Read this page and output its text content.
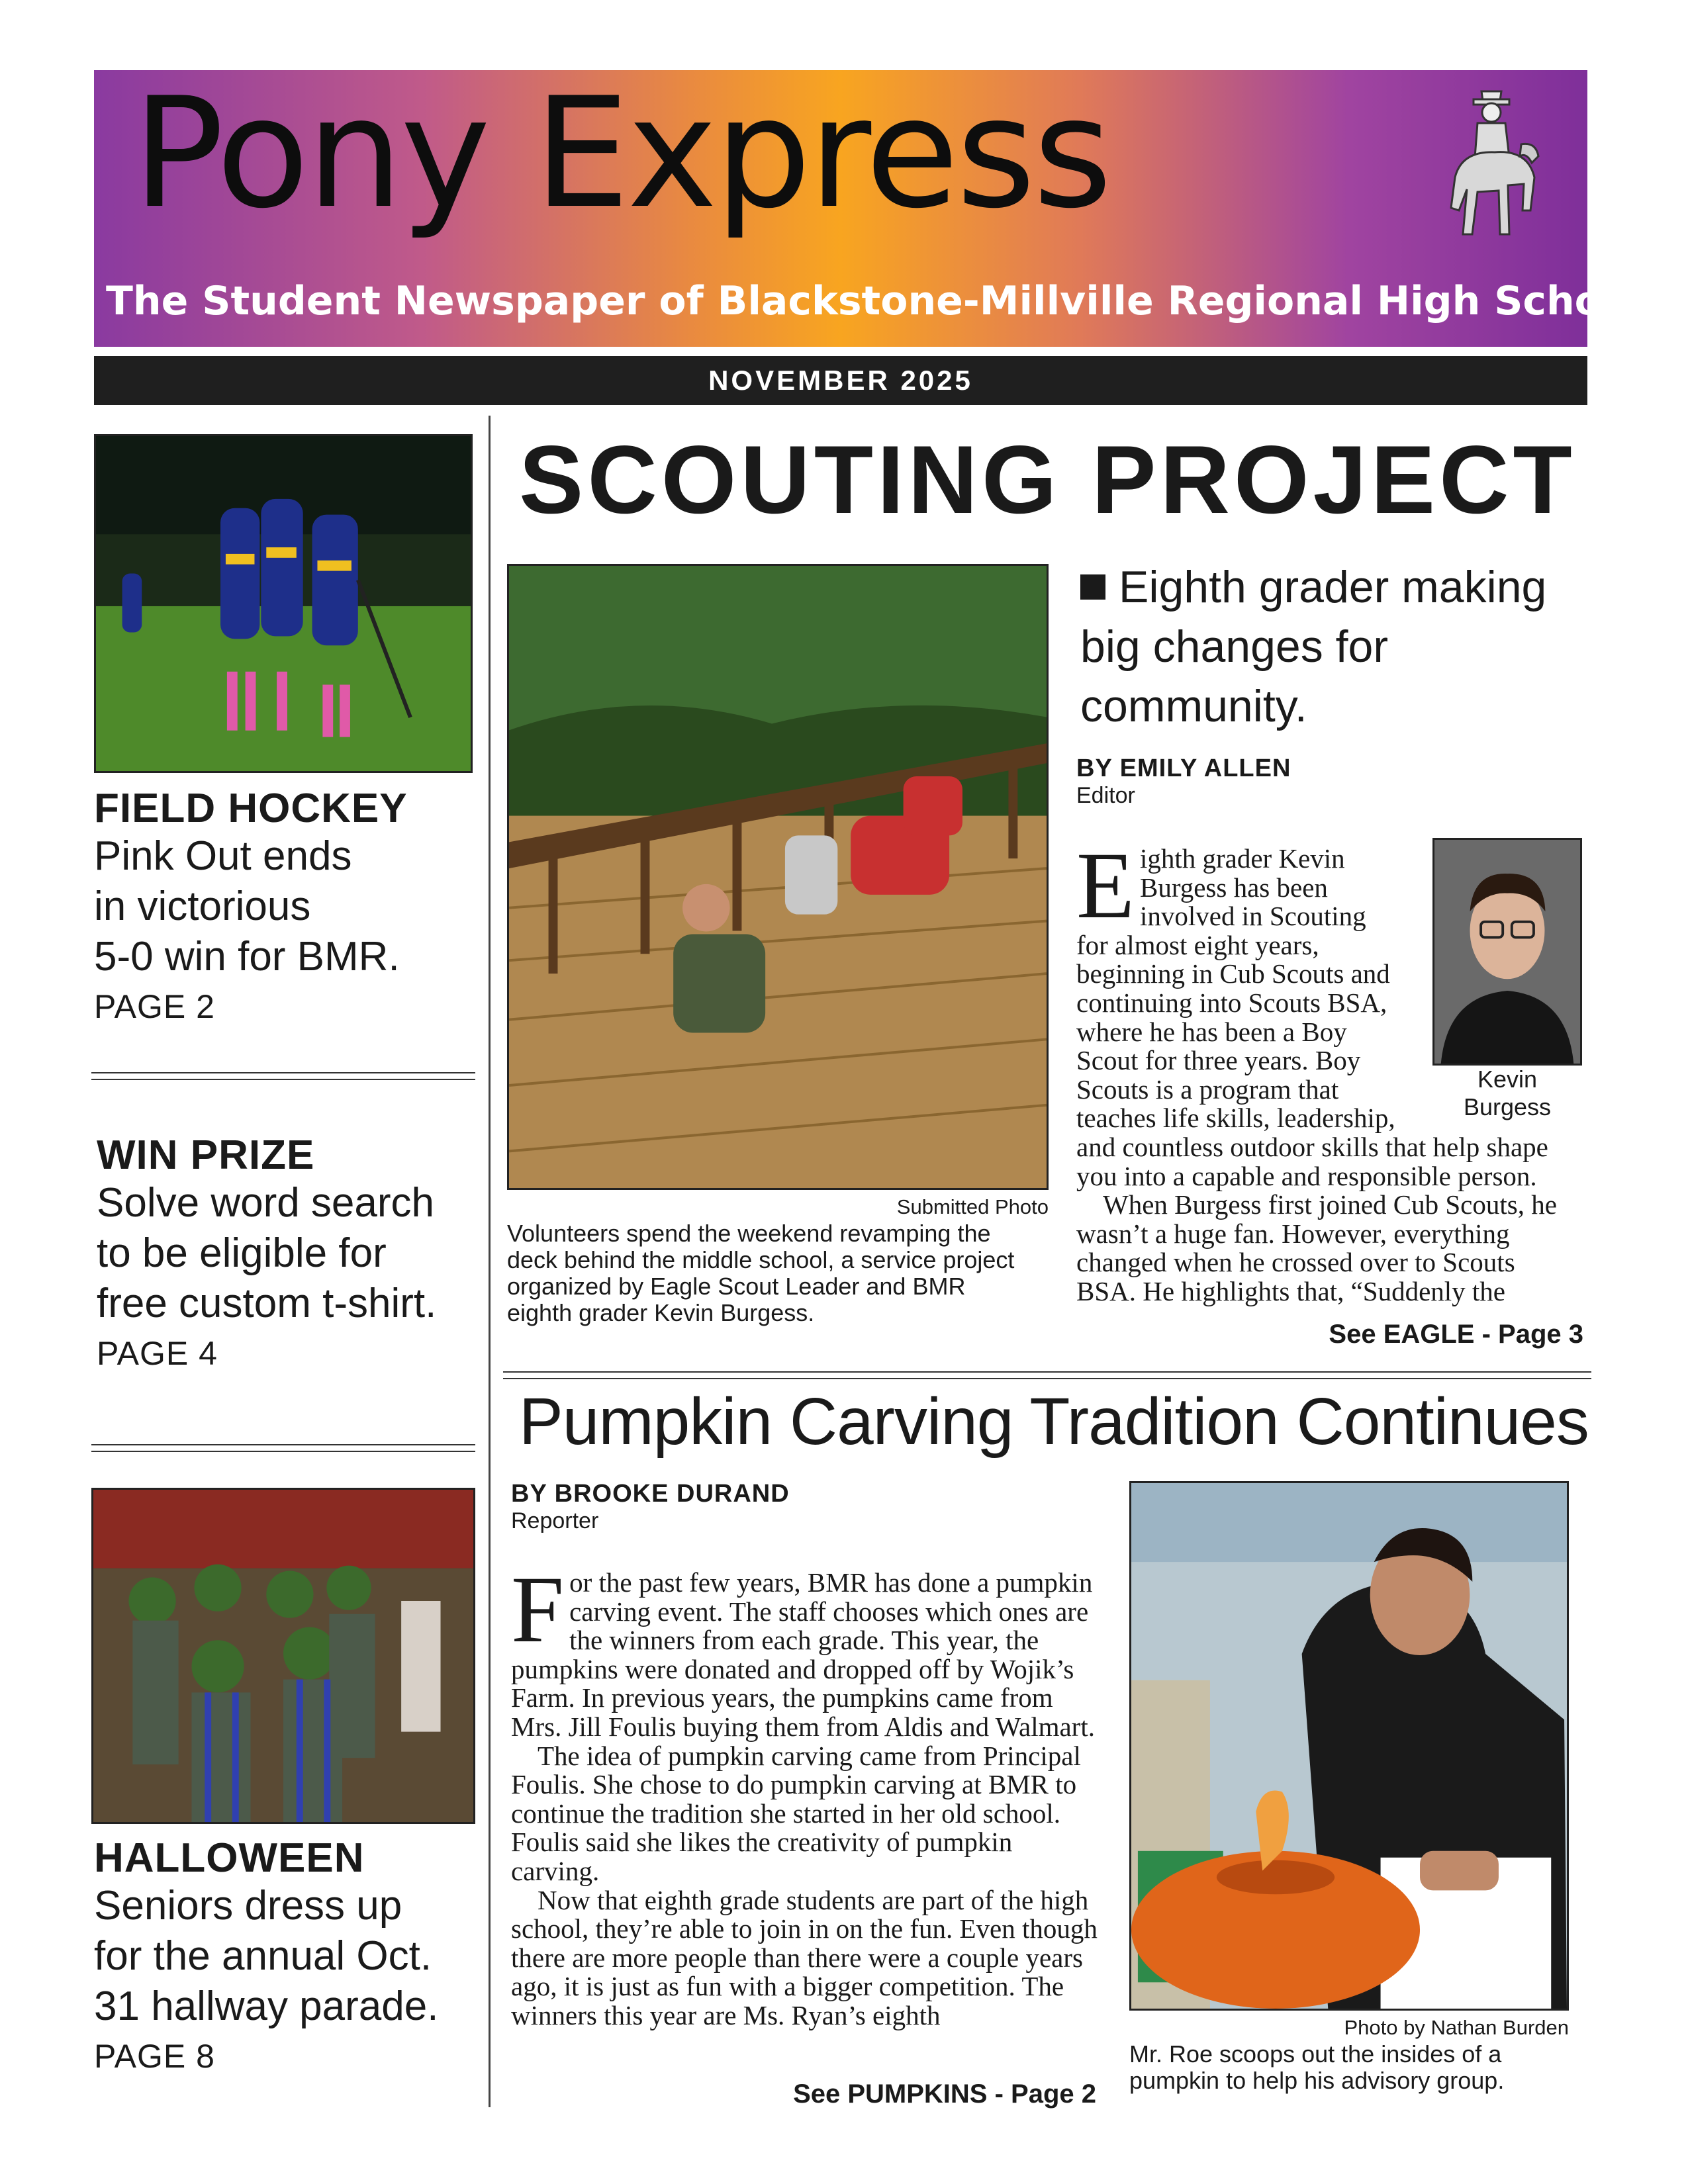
Pony Express
The Student Newspaper of Blackstone-Millville Regional High School
NOVEMBER 2025
FIELD HOCKEY
Pink Out ends
in victorious
5-0 win for BMR.
PAGE 2
WIN PRIZE
Solve word search
to be eligible for
free custom t-shirt.
PAGE 4
HALLOWEEN
Seniors dress up
for the annual Oct.
31 hallway parade.
PAGE 8
SCOUTING PROJECT
Submitted Photo
Volunteers spend the weekend revamping the deck behind the middle school, a service project organized by Eagle Scout Leader and BMR eighth grader Kevin Burgess.
Eighth grader making big changes for community.
BY EMILY ALLEN
Editor
Kevin
Burgess
Eighth grader Kevin Burgess has been involved in Scouting for almost eight years, beginning in Cub Scouts and continuing into Scouts BSA, where he has been a Boy Scout for three years. Boy Scouts is a program that teaches life skills, leadership, and countless outdoor skills that help shape you into a capable and responsible person.
When Burgess first joined Cub Scouts, he wasn’t a huge fan. However, everything changed when he crossed over to Scouts BSA. He highlights that, “Suddenly the
See EAGLE - Page 3
Pumpkin Carving Tradition Continues
BY BROOKE DURAND
Reporter
For the past few years, BMR has done a pumpkin carving event. The staff chooses which ones are the winners from each grade. This year, the pumpkins were donated and dropped off by Wojik’s Farm. In previous years, the pumpkins came from Mrs. Jill Foulis buying them from Aldis and Walmart.
The idea of pumpkin carving came from Principal Foulis. She chose to do pumpkin carving at BMR to continue the tradition she started in her old school. Foulis said she likes the creativity of pumpkin carving.
Now that eighth grade students are part of the high school, they’re able to join in on the fun. Even though there are more people than there were a couple years ago, it is just as fun with a bigger competition. The winners this year are Ms. Ryan’s eighth
See PUMPKINS - Page 2
Photo by Nathan Burden
Mr. Roe scoops out the insides of a pumpkin to help his advisory group.
